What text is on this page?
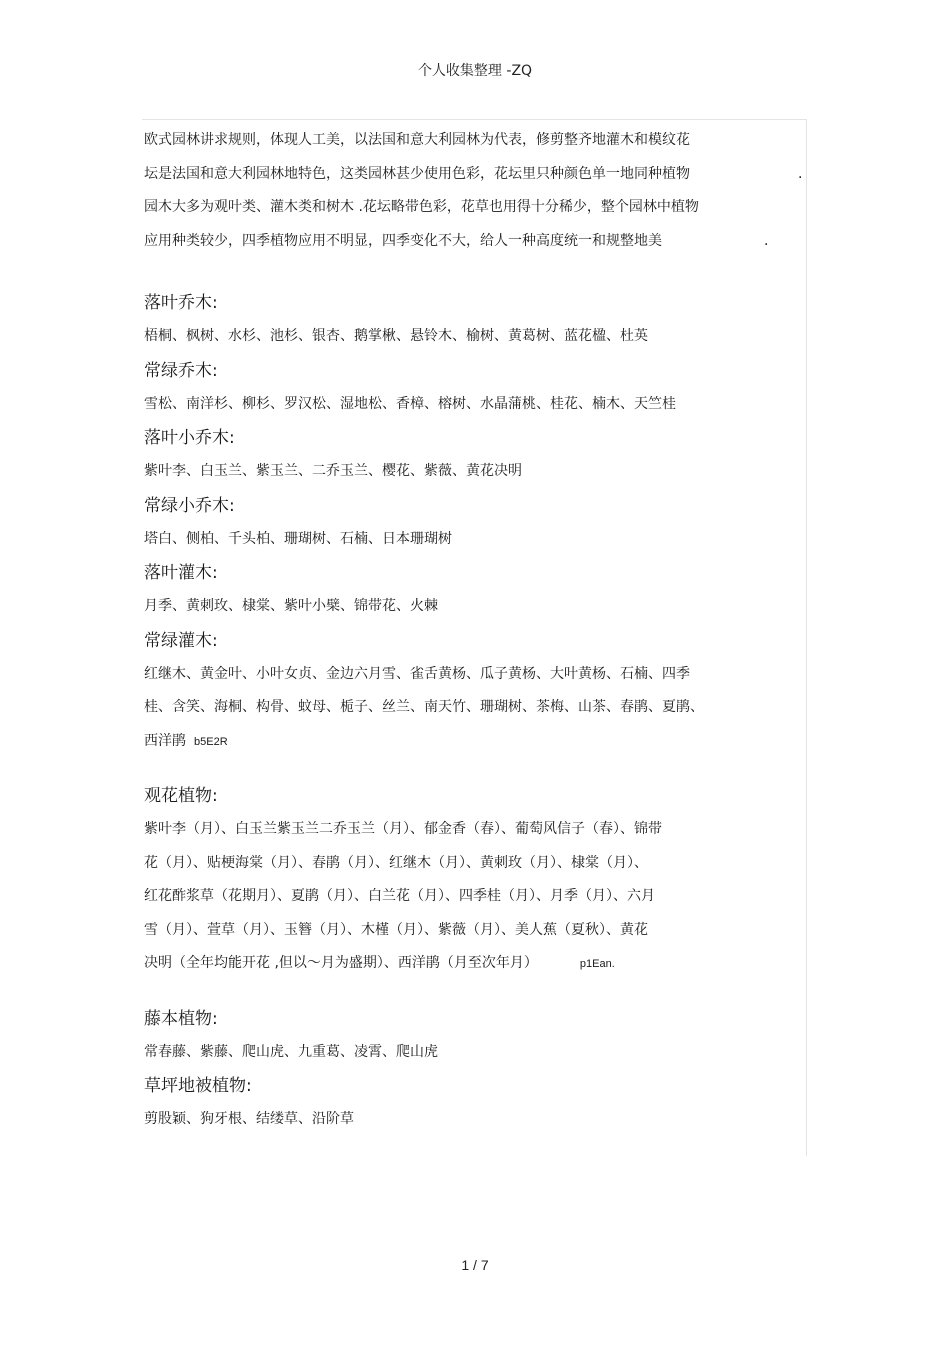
个人收集整理 -ZQ
欧式园林讲求规则，体现人工美，以法国和意大利园林为代表，修剪整齐地灌木和模纹花
坛是法国和意大利园林地特色，这类园林甚少使用色彩，花坛里只种颜色单一地同种植物	.
园木大多为观叶类、灌木类和树木 .花坛略带色彩，花草也用得十分稀少，整个园林中植物
应用种类较少，四季植物应用不明显，四季变化不大，给人一种高度统一和规整地美	.
落叶乔木:
梧桐、枫树、水杉、池杉、银杏、鹅掌楸、悬铃木、榆树、黄葛树、蓝花楹、杜英
常绿乔木:
雪松、南洋杉、柳杉、罗汉松、湿地松、香樟、榕树、水晶蒲桃、桂花、楠木、天竺桂
落叶小乔木:
紫叶李、白玉兰、紫玉兰、二乔玉兰、樱花、紫薇、黄花决明
常绿小乔木:
塔白、侧柏、千头柏、珊瑚树、石楠、日本珊瑚树
落叶灌木:
月季、黄刺玫、棣棠、紫叶小檗、锦带花、火棘
常绿灌木:
红继木、黄金叶、小叶女贞、金边六月雪、雀舌黄杨、瓜子黄杨、大叶黄杨、石楠、四季
桂、含笑、海桐、构骨、蚊母、栀子、丝兰、南天竹、珊瑚树、茶梅、山茶、春鹃、夏鹃、
西洋鹃 b5E2R
观花植物:
紫叶李（月）、白玉兰紫玉兰二乔玉兰（月）、郁金香（春）、葡萄风信子（春）、锦带
花（月）、贴梗海棠（月）、春鹃（月）、红继木（月）、黄刺玫（月）、棣棠（月）、
红花酢浆草（花期月）、夏鹃（月）、白兰花（月）、四季桂（月）、月季（月）、六月
雪（月）、萱草（月）、玉簪（月）、木槿（月）、紫薇（月）、美人蕉（夏秋）、黄花
决明（全年均能开花 ,但以～月为盛期）、西洋鹃（月至次年月）	p1Ean.
藤本植物:
常春藤、紫藤、爬山虎、九重葛、凌霄、爬山虎
草坪地被植物:
剪股颖、狗牙根、结缕草、沿阶草
1 / 7
